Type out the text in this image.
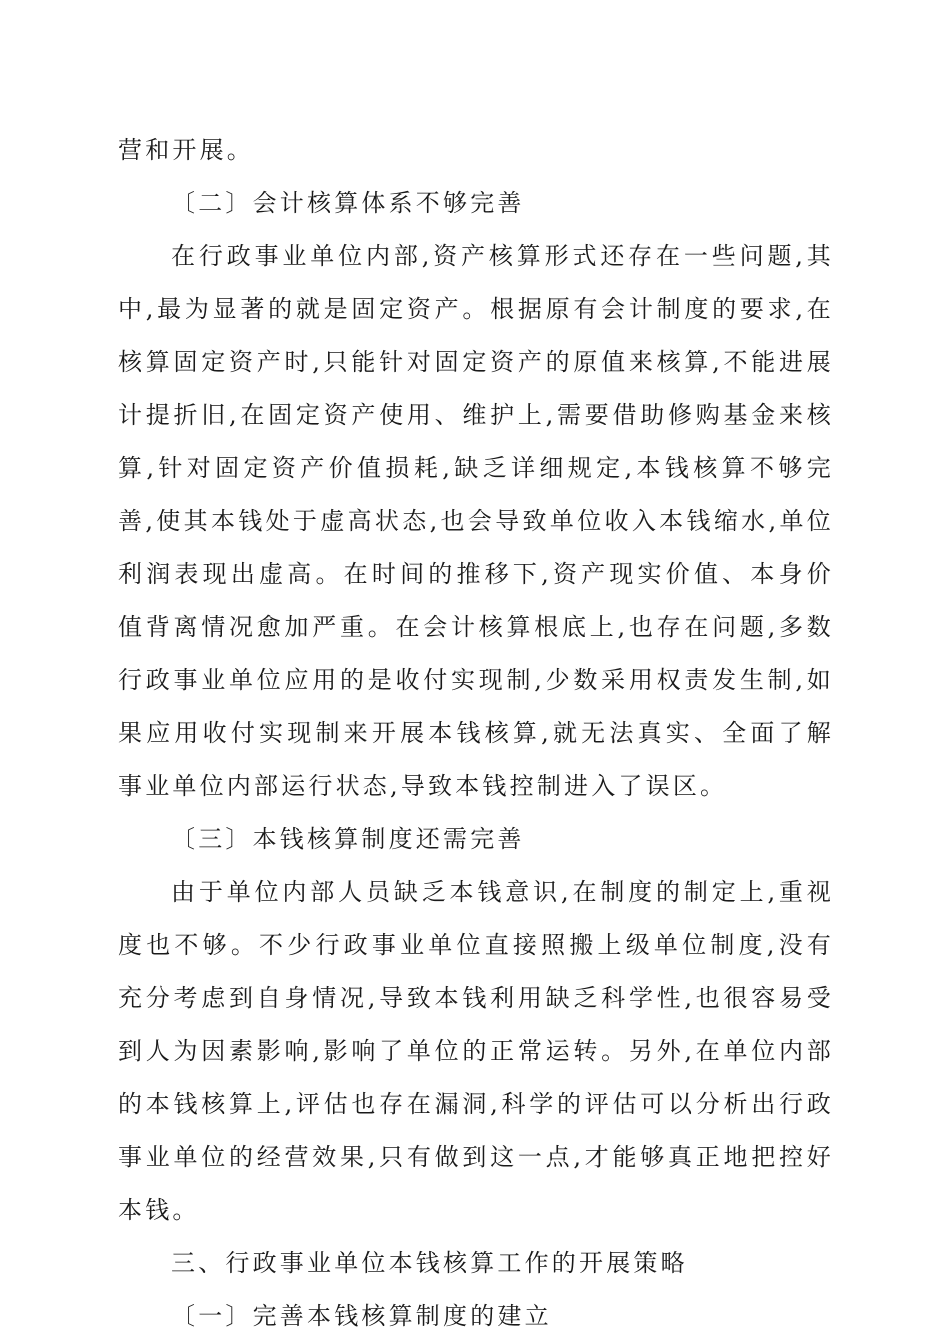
营和开展。

〔二〕会计核算体系不够完善

在行政事业单位内部,资产核算形式还存在一些问题,其中,最为显著的就是固定资产。根据原有会计制度的要求,在核算固定资产时,只能针对固定资产的原值来核算,不能进展计提折旧,在固定资产使用、维护上,需要借助修购基金来核算,针对固定资产价值损耗,缺乏详细规定,本钱核算不够完善,使其本钱处于虚高状态,也会导致单位收入本钱缩水,单位利润表现出虚高。在时间的推移下,资产现实价值、本身价值背离情况愈加严重。在会计核算根底上,也存在问题,多数行政事业单位应用的是收付实现制,少数采用权责发生制,如果应用收付实现制来开展本钱核算,就无法真实、全面了解事业单位内部运行状态,导致本钱控制进入了误区。

〔三〕本钱核算制度还需完善

由于单位内部人员缺乏本钱意识,在制度的制定上,重视度也不够。不少行政事业单位直接照搬上级单位制度,没有充分考虑到自身情况,导致本钱利用缺乏科学性,也很容易受到人为因素影响,影响了单位的正常运转。另外,在单位内部的本钱核算上,评估也存在漏洞,科学的评估可以分析出行政事业单位的经营效果,只有做到这一点,才能够真正地把控好本钱。

三、行政事业单位本钱核算工作的开展策略

〔一〕完善本钱核算制度的建立
